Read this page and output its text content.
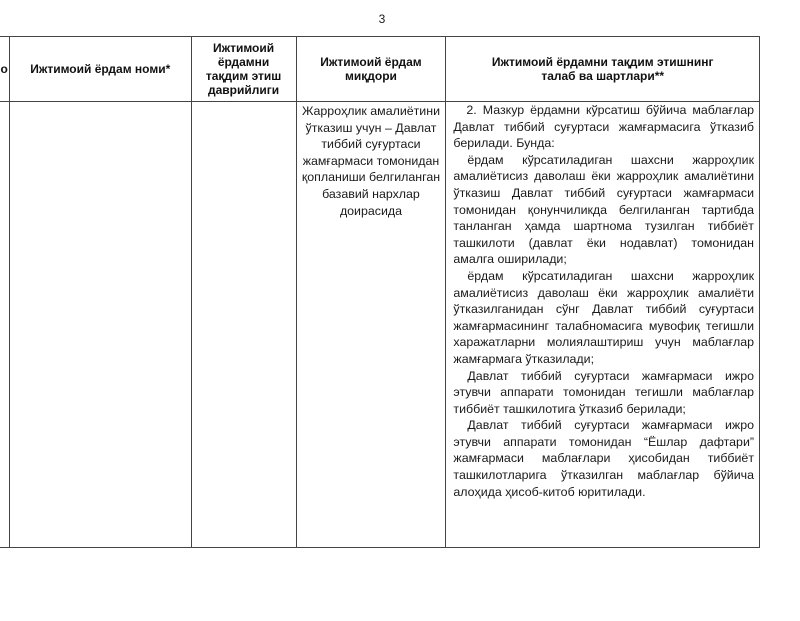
3
о	Ижтимоий ёрдам номи*	Ижтимоий ёрдамни тақдим этиш даврийлиги	Ижтимоий ёрдам миқдори	Ижтимоий ёрдамни тақдим этишнинг талаб ва шартлари**

			Жарроҳлик амалиётини ўтказиш учун – Давлат тиббий суғуртаси жамғармаси томонидан қопланиши белгиланган базавий нархлар доирасида	2. Мазкур ёрдамни кўрсатиш бўйича маблағлар Давлат тиббий суғуртаси жамғармасига ўтказиб берилади. Бунда:

ёрдам кўрсатиладиган шахсни жарроҳлик амалиётисиз даволаш ёки жарроҳлик амалиётини ўтказиш Давлат тиббий суғуртаси жамғармаси томонидан қонунчиликда белгиланган тартибда танланган ҳамда шартнома тузилган тиббиёт ташкилоти (давлат ёки нодавлат) томонидан амалга оширилади;

ёрдам кўрсатиладиган шахсни жарроҳлик амалиётисиз даволаш ёки жарроҳлик амалиёти ўтказилганидан сўнг Давлат тиббий суғуртаси жамғармасининг талабномасига мувофиқ тегишли харажатларни молиялаштириш учун маблағлар жамғармага ўтказилади;

Давлат тиббий суғуртаси жамғармаси ижро этувчи аппарати томонидан тегишли маблағлар тиббиёт ташкилотига ўтказиб берилади;

Давлат тиббий суғуртаси жамғармаси ижро этувчи аппарати томонидан “Ёшлар дафтари” жамғармаси маблағлари ҳисобидан тиббиёт ташкилотларига ўтказилган маблағлар бўйича алоҳида ҳисоб-китоб юритилади.
